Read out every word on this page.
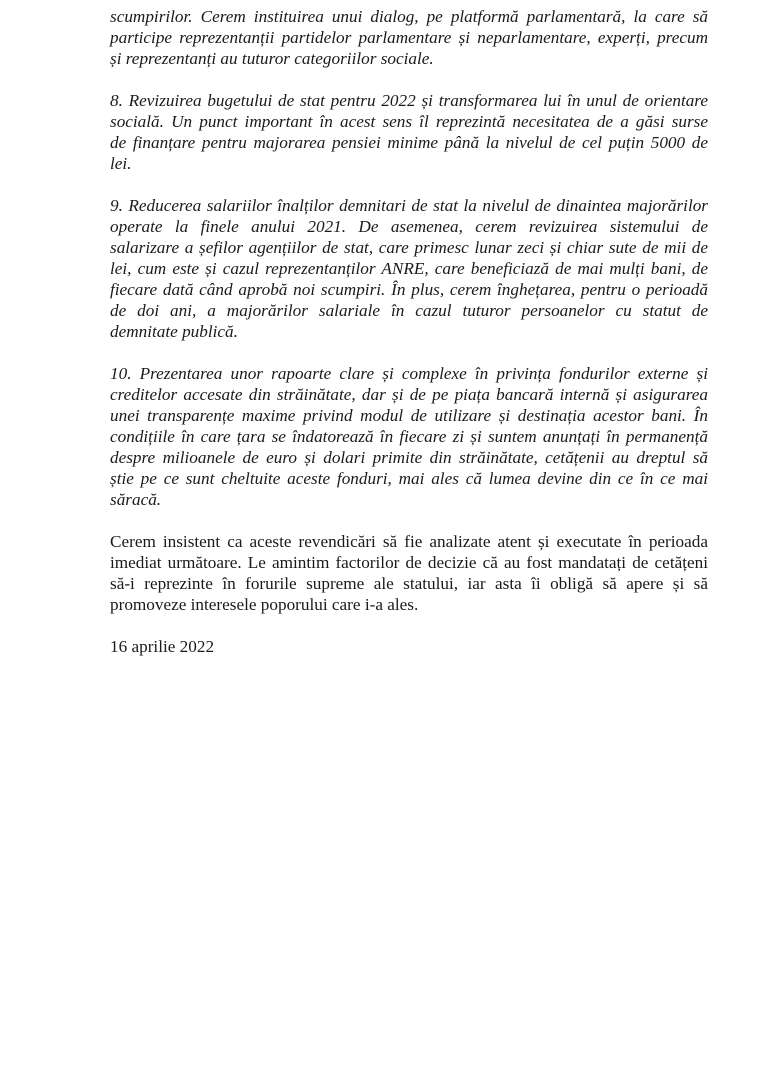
scumpirilor. Cerem instituirea unui dialog, pe platformă parlamentară, la care să
participe reprezentanții partidelor parlamentare și neparlamentare, experți, precum
și reprezentanți au tuturor categoriilor sociale.

8. Revizuirea bugetului de stat pentru 2022 și transformarea lui în unul de orientare
socială. Un punct important în acest sens îl reprezintă necesitatea de a găsi surse
de finanțare pentru majorarea pensiei minime până la nivelul de cel puțin 5000 de
lei.

9. Reducerea salariilor înalților demnitari de stat la nivelul de dinaintea majorărilor
operate la finele anului 2021. De asemenea, cerem revizuirea sistemului de
salarizare a șefilor agențiilor de stat, care primesc lunar zeci și chiar sute de mii de
lei, cum este și cazul reprezentanților ANRE, care beneficiază de mai mulți bani, de
fiecare dată când aprobă noi scumpiri. În plus, cerem înghețarea, pentru o perioadă
de doi ani, a majorărilor salariale în cazul tuturor persoanelor cu statut de
demnitate publică.

10. Prezentarea unor rapoarte clare și complexe în privința fondurilor externe și
creditelor accesate din străinătate, dar și de pe piața bancară internă și asigurarea
unei transparențe maxime privind modul de utilizare și destinația acestor bani. În
condițiile în care țara se îndatorează în fiecare zi și suntem anunțați în permanență
despre milioanele de euro și dolari primite din străinătate, cetățenii au dreptul să
știe pe ce sunt cheltuite aceste fonduri, mai ales că lumea devine din ce în ce mai
săracă.

Cerem insistent ca aceste revendicări să fie analizate atent și executate în perioada
imediat următoare. Le amintim factorilor de decizie că au fost mandatați de cetățeni
să-i reprezinte în forurile supreme ale statului, iar asta îi obligă să apere și să
promoveze interesele poporului care i-a ales.

16 aprilie 2022
